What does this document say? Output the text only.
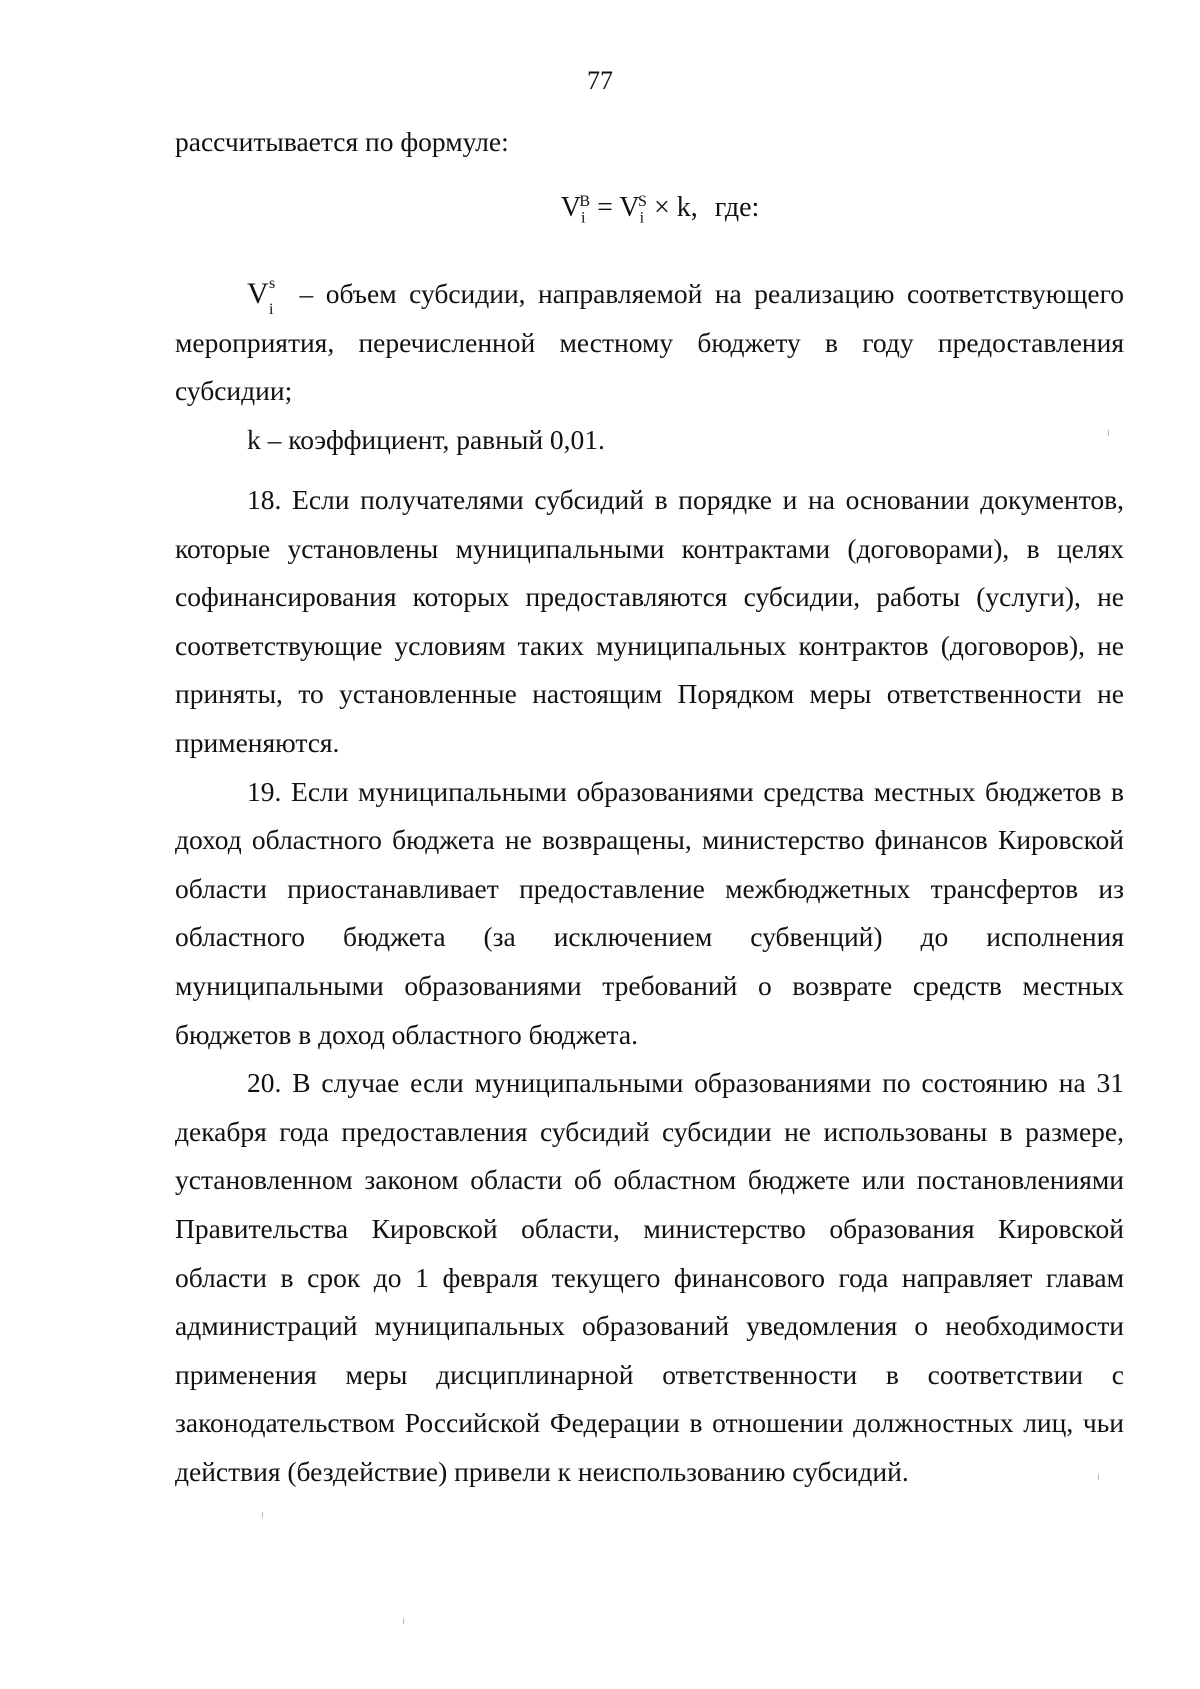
77

рассчитывается по формуле:

$V_i^B = V_i^S \times k$, где:

V s
i
– объем субсидии, направляемой на реализацию соответствующего мероприятия, перечисленной местному бюджету в году предоставления субсидии;

k – коэффициент, равный 0,01.

18. Если получателями субсидий в порядке и на основании документов, которые установлены муниципальными контрактами (договорами), в целях софинансирования которых предоставляются субсидии, работы (услуги), не соответствующие условиям таких муниципальных контрактов (договоров), не приняты, то установленные настоящим Порядком меры ответственности не применяются.

19. Если муниципальными образованиями средства местных бюджетов в доход областного бюджета не возвращены, министерство финансов Кировской области приостанавливает предоставление межбюджетных трансфертов из областного бюджета (за исключением субвенций) до исполнения муниципальными образованиями требований о возврате средств местных бюджетов в доход областного бюджета.

20. В случае если муниципальными образованиями по состоянию на 31 декабря года предоставления субсидий субсидии не использованы в размере, установленном законом области об областном бюджете или постановлениями Правительства Кировской области, министерство образования Кировской области в срок до 1 февраля текущего финансового года направляет главам администраций муниципальных образований уведомления о необходимости применения меры дисциплинарной ответственности в соответствии с законодательством Российской Федерации в отношении должностных лиц, чьи действия (бездействие) привели к неиспользованию субсидий.
